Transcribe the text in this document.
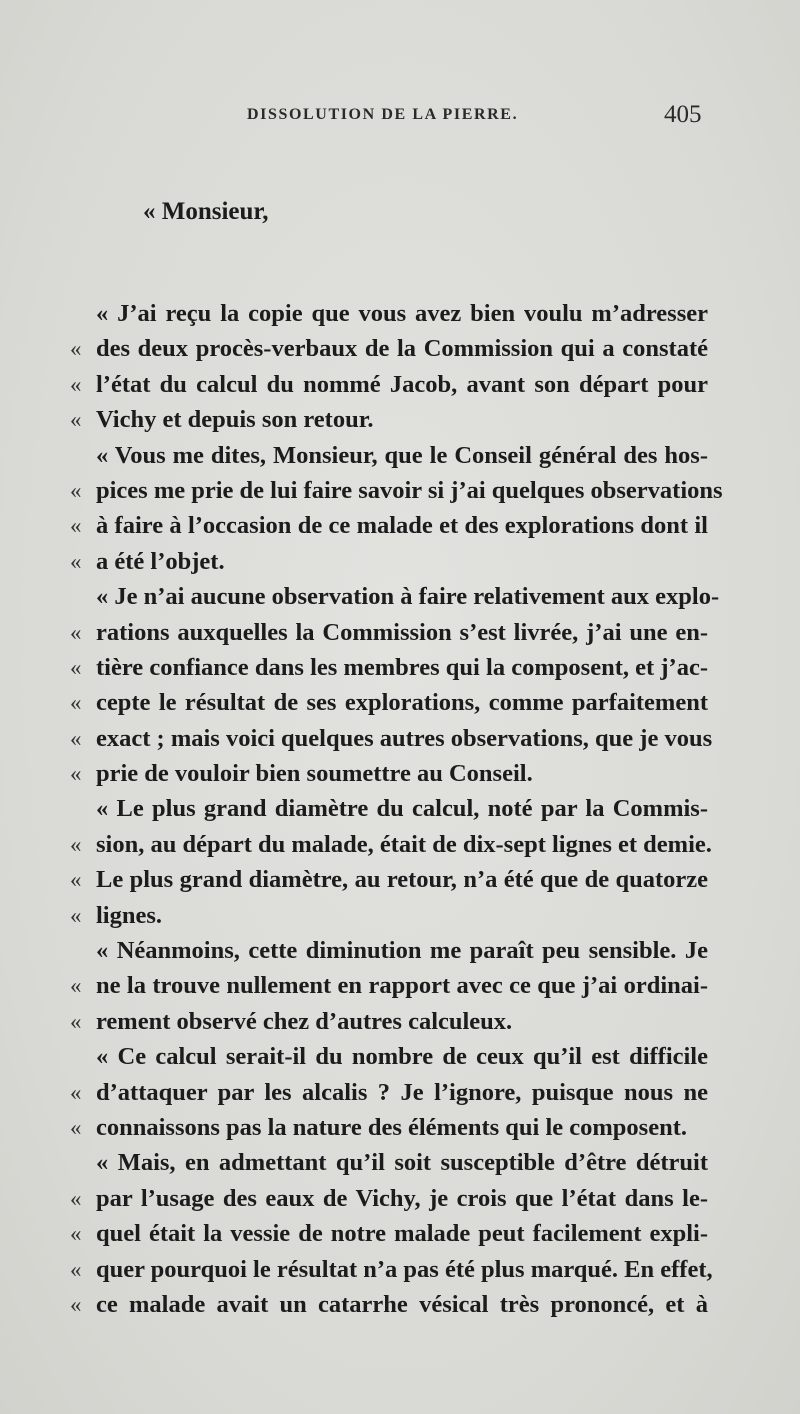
DISSOLUTION DE LA PIERRE.	405
« Monsieur,
« J’ai reçu la copie que vous avez bien voulu m’adresser
« des deux procès-verbaux de la Commission qui a constaté
« l’état du calcul du nommé Jacob, avant son départ pour
« Vichy et depuis son retour.
« Vous me dites, Monsieur, que le Conseil général des hos-
« pices me prie de lui faire savoir si j’ai quelques observations
« à faire à l’occasion de ce malade et des explorations dont il
« a été l’objet.
« Je n’ai aucune observation à faire relativement aux explo-
« rations auxquelles la Commission s’est livrée, j’ai une en-
« tière confiance dans les membres qui la composent, et j’ac-
« cepte le résultat de ses explorations, comme parfaitement
« exact ; mais voici quelques autres observations, que je vous
« prie de vouloir bien soumettre au Conseil.
« Le plus grand diamètre du calcul, noté par la Commis-
« sion, au départ du malade, était de dix-sept lignes et demie.
« Le plus grand diamètre, au retour, n’a été que de quatorze
« lignes.
« Néanmoins, cette diminution me paraît peu sensible. Je
« ne la trouve nullement en rapport avec ce que j’ai ordinai-
« rement observé chez d’autres calculeux.
« Ce calcul serait-il du nombre de ceux qu’il est difficile
« d’attaquer par les alcalis ? Je l’ignore, puisque nous ne
« connaissons pas la nature des éléments qui le composent.
« Mais, en admettant qu’il soit susceptible d’être détruit
« par l’usage des eaux de Vichy, je crois que l’état dans le-
« quel était la vessie de notre malade peut facilement expli-
« quer pourquoi le résultat n’a pas été plus marqué. En effet,
« ce malade avait un catarrhe vésical très prononcé, et à
